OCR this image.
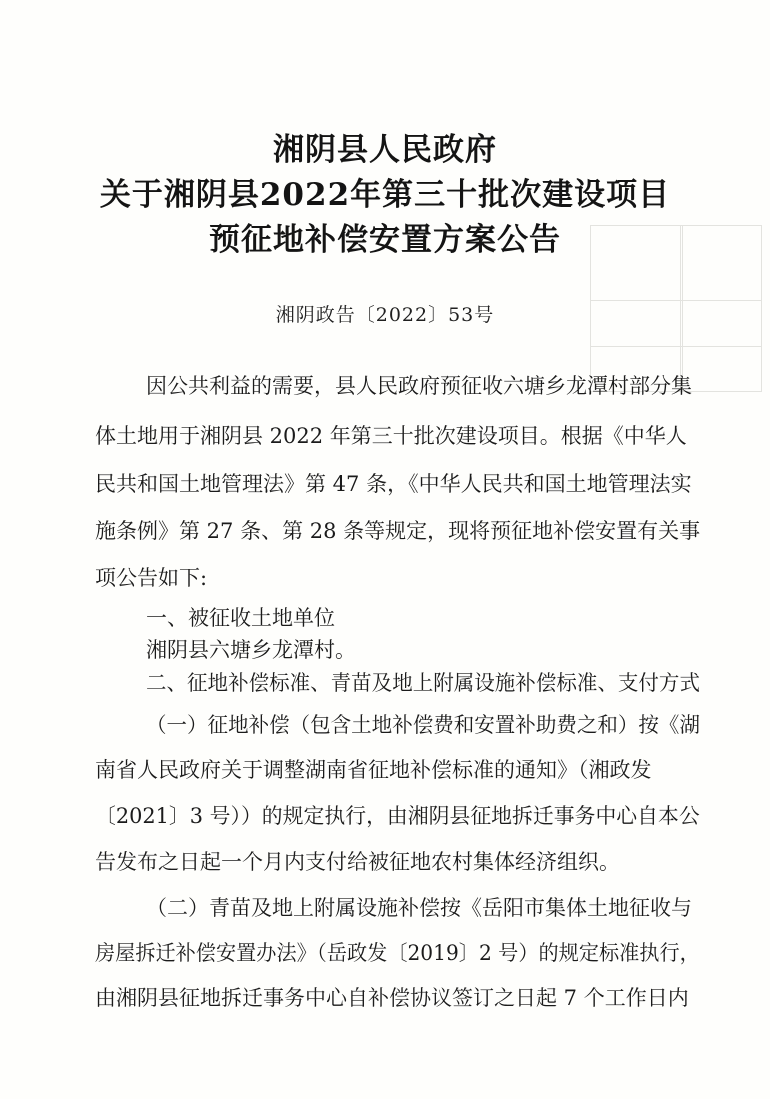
湘阴县人民政府
关于湘阴县2022年第三十批次建设项目
预征地补偿安置方案公告
湘阴政告〔2022〕53号
因公共利益的需要，县人民政府预征收六塘乡龙潭村部分集
体土地用于湘阴县 2022 年第三十批次建设项目。根据《中华人
民共和国土地管理法》第 47 条，《中华人民共和国土地管理法实
施条例》第 27 条、第 28 条等规定，现将预征地补偿安置有关事
项公告如下:
一、被征收土地单位
湘阴县六塘乡龙潭村。
二、征地补偿标准、青苗及地上附属设施补偿标准、支付方式
（一）征地补偿（包含土地补偿费和安置补助费之和）按《湖
南省人民政府关于调整湖南省征地补偿标准的通知》（湘政发
〔2021〕3 号））的规定执行，由湘阴县征地拆迁事务中心自本公
告发布之日起一个月内支付给被征地农村集体经济组织。
（二）青苗及地上附属设施补偿按《岳阳市集体土地征收与
房屋拆迁补偿安置办法》（岳政发〔2019〕2 号）的规定标准执行，
由湘阴县征地拆迁事务中心自补偿协议签订之日起 7 个工作日内
